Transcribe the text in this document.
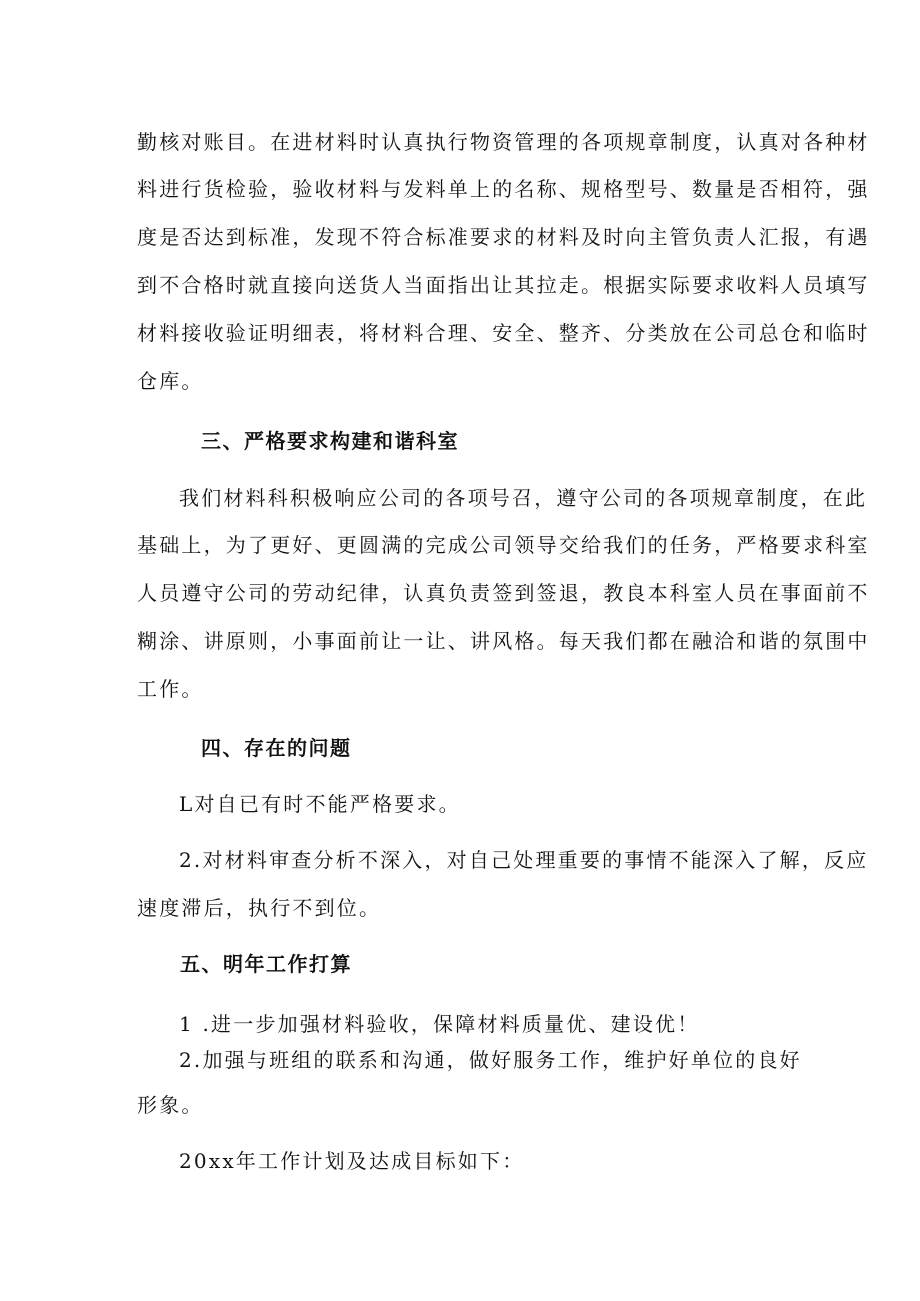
勤核对账目。在进材料时认真执行物资管理的各项规章制度，认真对各种材
料进行货检验，验收材料与发料单上的名称、规格型号、数量是否相符，强
度是否达到标准，发现不符合标准要求的材料及时向主管负责人汇报，有遇
到不合格时就直接向送货人当面指出让其拉走。根据实际要求收料人员填写
材料接收验证明细表，将材料合理、安全、整齐、分类放在公司总仓和临时
仓库。
三、严格要求构建和谐科室
我们材料科积极响应公司的各项号召，遵守公司的各项规章制度，在此
基础上，为了更好、更圆满的完成公司领导交给我们的任务，严格要求科室
人员遵守公司的劳动纪律，认真负责签到签退，教良本科室人员在事面前不
糊涂、讲原则，小事面前让一让、讲风格。每天我们都在融洽和谐的氛围中
工作。
四、存在的问题
L对自已有时不能严格要求。
2.对材料审查分析不深入，对自己处理重要的事情不能深入了解，反应
速度滞后，执行不到位。
五、明年工作打算
1 .进一步加强材料验收，保障材料质量优、建设优！
2.加强与班组的联系和沟通，做好服务工作，维护好单位的良好
形象。
20xx年工作计划及达成目标如下：
